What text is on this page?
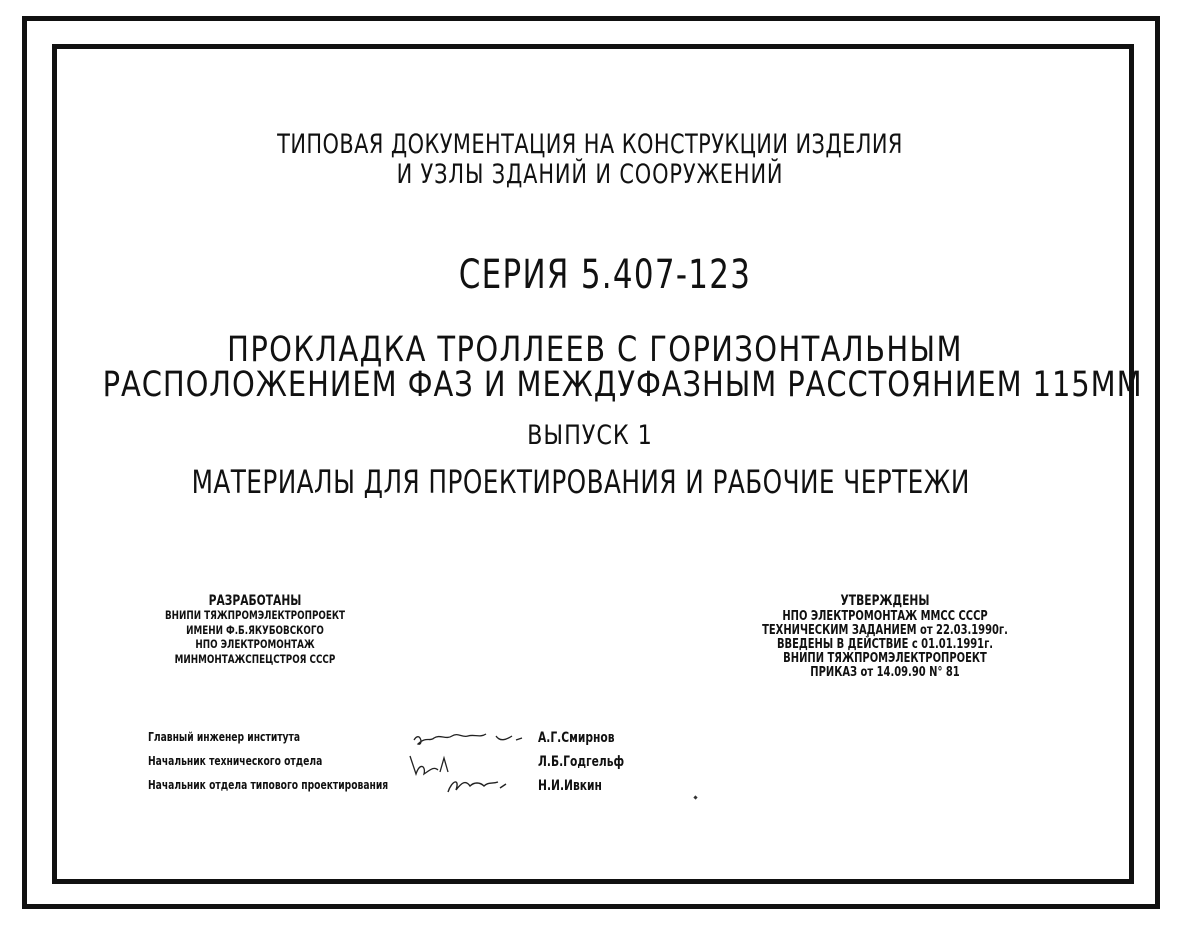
ТИПОВАЯ ДОКУМЕНТАЦИЯ НА КОНСТРУКЦИИ ИЗДЕЛИЯ
И УЗЛЫ ЗДАНИЙ И СООРУЖЕНИЙ
СЕРИЯ 5.407-123
ПРОКЛАДКА ТРОЛЛЕЕВ С ГОРИЗОНТАЛЬНЫМ
РАСПОЛОЖЕНИЕМ ФАЗ И МЕЖДУФАЗНЫМ РАССТОЯНИЕМ 115ММ
ВЫПУСК 1
МАТЕРИАЛЫ ДЛЯ ПРОЕКТИРОВАНИЯ И РАБОЧИЕ ЧЕРТЕЖИ
РАЗРАБОТАНЫ
ВНИПИ ТЯЖПРОМЭЛЕКТРОПРОЕКТ
ИМЕНИ Ф.Б.ЯКУБОВСКОГО
НПО ЭЛЕКТРОМОНТАЖ
МИНМОНТАЖСПЕЦСТРОЯ СССР
УТВЕРЖДЕНЫ
НПО ЭЛЕКТРОМОНТАЖ ММСС СССР
ТЕХНИЧЕСКИМ ЗАДАНИЕМ от 22.03.1990г.
ВВЕДЕНЫ В ДЕЙСТВИЕ с 01.01.1991г.
ВНИПИ ТЯЖПРОМЭЛЕКТРОПРОЕКТ
ПРИКАЗ от 14.09.90 N° 81
Главный инженер института	А.Г.Смирнов
Начальник технического отдела	Л.Б.Годгельф
Начальник отдела типового проектирования	Н.И.Ивкин
